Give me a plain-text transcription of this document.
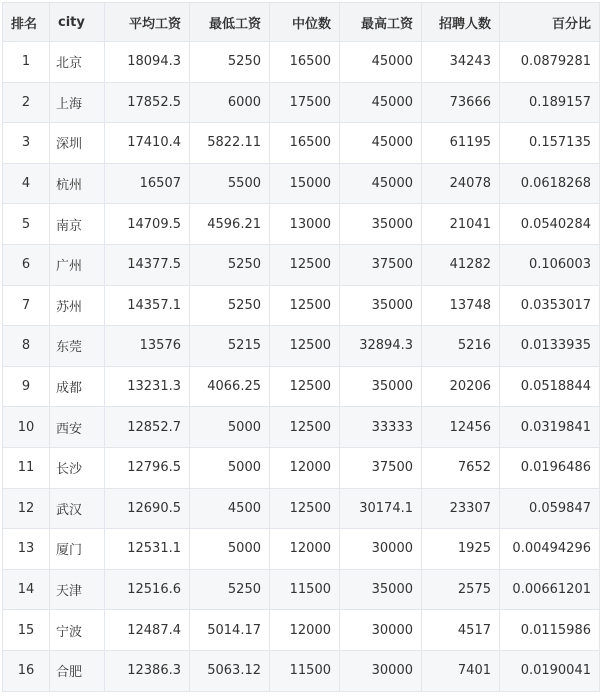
排名	city	平均工资	最低工资	中位数	最高工资	招聘人数	百分比
1	北京	18094.3	5250	16500	45000	34243	0.0879281
2	上海	17852.5	6000	17500	45000	73666	0.189157
3	深圳	17410.4	5822.11	16500	45000	61195	0.157135
4	杭州	16507	5500	15000	45000	24078	0.0618268
5	南京	14709.5	4596.21	13000	35000	21041	0.0540284
6	广州	14377.5	5250	12500	37500	41282	0.106003
7	苏州	14357.1	5250	12500	35000	13748	0.0353017
8	东莞	13576	5215	12500	32894.3	5216	0.0133935
9	成都	13231.3	4066.25	12500	35000	20206	0.0518844
10	西安	12852.7	5000	12500	33333	12456	0.0319841
11	长沙	12796.5	5000	12000	37500	7652	0.0196486
12	武汉	12690.5	4500	12500	30174.1	23307	0.059847
13	厦门	12531.1	5000	12000	30000	1925	0.00494296
14	天津	12516.6	5250	11500	35000	2575	0.00661201
15	宁波	12487.4	5014.17	12000	30000	4517	0.0115986
16	合肥	12386.3	5063.12	11500	30000	7401	0.0190041
